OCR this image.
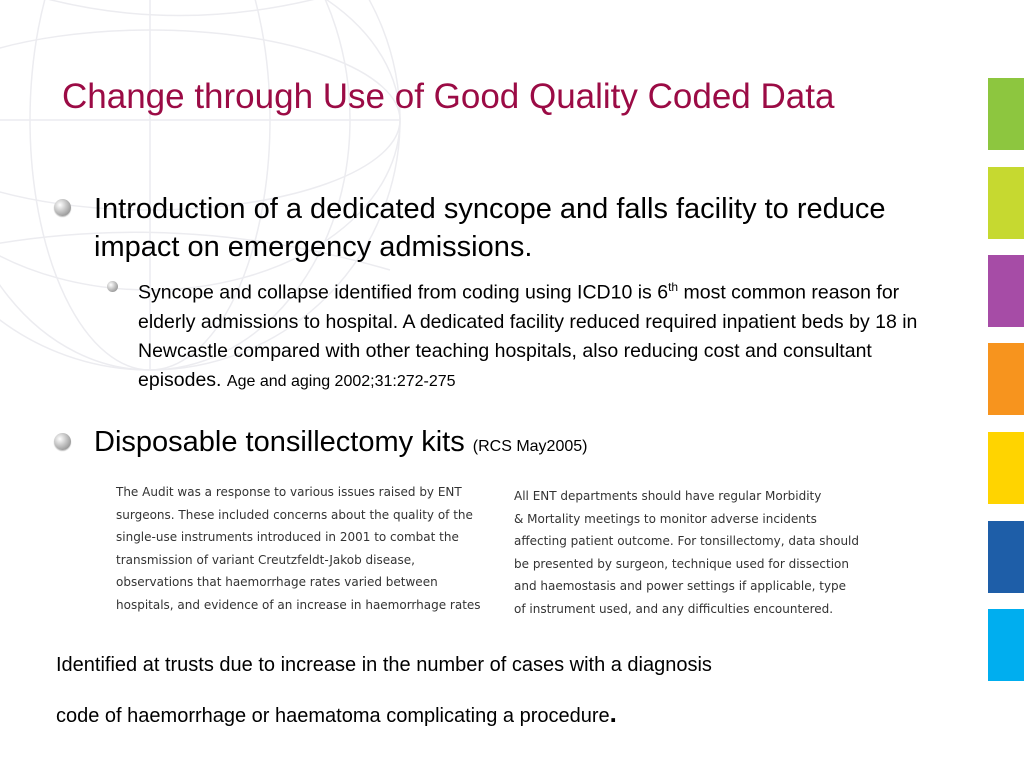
Change through Use of Good Quality Coded Data
Introduction of a dedicated syncope and falls facility to reduce impact on emergency admissions.
Syncope and collapse identified from coding using ICD10 is 6th most common reason for elderly admissions to hospital. A dedicated facility reduced required inpatient beds by 18 in Newcastle compared with other teaching hospitals, also reducing cost and consultant episodes. Age and aging 2002;31:272-275
Disposable tonsillectomy kits (RCS May2005)
The Audit was a response to various issues raised by ENT
surgeons. These included concerns about the quality of the
single-use instruments introduced in 2001 to combat the
transmission of variant Creutzfeldt-Jakob disease,
observations that haemorrhage rates varied between
hospitals, and evidence of an increase in haemorrhage rates
All ENT departments should have regular Morbidity
& Mortality meetings to monitor adverse incidents
affecting patient outcome. For tonsillectomy, data should
be presented by surgeon, technique used for dissection
and haemostasis and power settings if applicable, type
of instrument used, and any difficulties encountered.
Identified at trusts due to increase in the number of cases with a diagnosis
code of haemorrhage or haematoma complicating a procedure.
